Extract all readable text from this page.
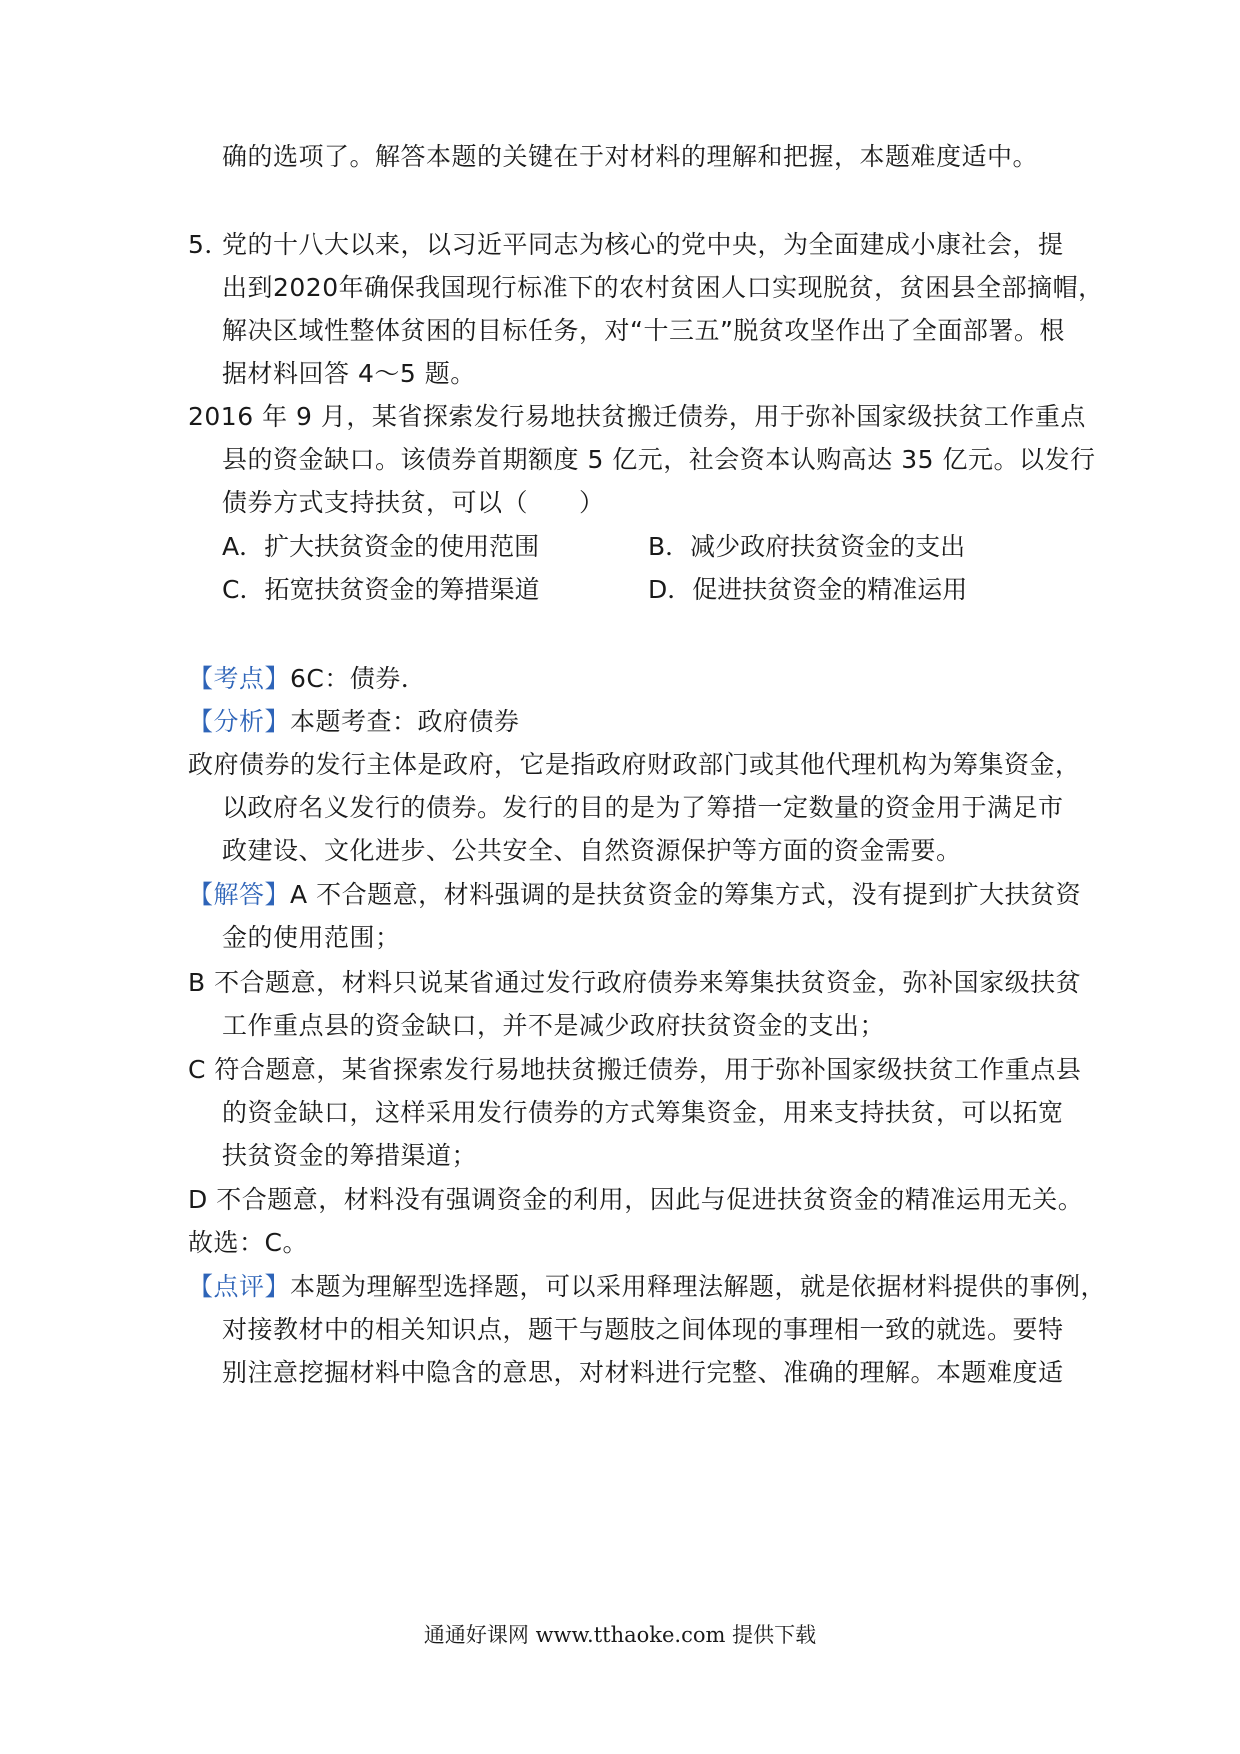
确的选项了。解答本题的关键在于对材料的理解和把握，本题难度适中。
5．
党的十八大以来，以习近平同志为核心的党中央，为全面建成小康社会，提
出到2020年确保我国现行标准下的农村贫困人口实现脱贫，贫困县全部摘帽，
解决区域性整体贫困的目标任务，对“十三五”脱贫攻坚作出了全面部署。根
据材料回答 4～5 题。
2016 年 9 月，某省探索发行易地扶贫搬迁债券，用于弥补国家级扶贫工作重点
县的资金缺口。该债券首期额度 5 亿元，社会资本认购高达 35 亿元。以发行
债券方式支持扶贫，可以（　　）
A．扩大扶贫资金的使用范围	B．减少政府扶贫资金的支出
C．拓宽扶贫资金的筹措渠道	D．促进扶贫资金的精准运用
【考点】6C：债券．
【分析】本题考查：政府债券
政府债券的发行主体是政府，它是指政府财政部门或其他代理机构为筹集资金，
以政府名义发行的债券。发行的目的是为了筹措一定数量的资金用于满足市
政建设、文化进步、公共安全、自然资源保护等方面的资金需要。
【解答】A 不合题意，材料强调的是扶贫资金的筹集方式，没有提到扩大扶贫资
金的使用范围；
B 不合题意，材料只说某省通过发行政府债券来筹集扶贫资金，弥补国家级扶贫
工作重点县的资金缺口，并不是减少政府扶贫资金的支出；
C 符合题意，某省探索发行易地扶贫搬迁债券，用于弥补国家级扶贫工作重点县
的资金缺口，这样采用发行债券的方式筹集资金，用来支持扶贫，可以拓宽
扶贫资金的筹措渠道；
D 不合题意，材料没有强调资金的利用，因此与促进扶贫资金的精准运用无关。
故选：C。
【点评】本题为理解型选择题，可以采用释理法解题，就是依据材料提供的事例，
对接教材中的相关知识点，题干与题肢之间体现的事理相一致的就选。要特
别注意挖掘材料中隐含的意思，对材料进行完整、准确的理解。本题难度适
通通好课网 www.tthaoke.com 提供下载
